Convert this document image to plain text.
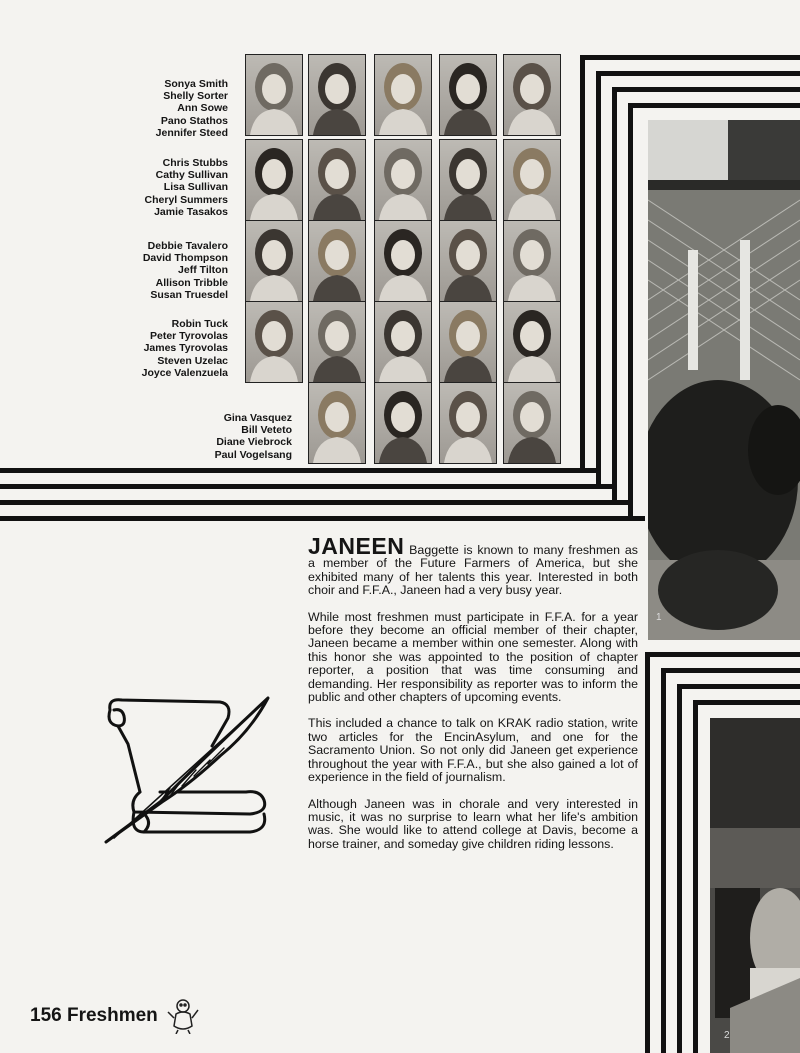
Sonya Smith
Shelly Sorter
Ann Sowe
Pano Stathos
Jennifer Steed
Chris Stubbs
Cathy Sullivan
Lisa Sullivan
Cheryl Summers
Jamie Tasakos
Debbie Tavalero
David Thompson
Jeff Tilton
Allison Tribble
Susan Truesdel
Robin Tuck
Peter Tyrovolas
James Tyrovolas
Steven Uzelac
Joyce Valenzuela
Gina Vasquez
Bill Veteto
Diane Viebrock
Paul Vogelsang
1
2

JANEEN Baggette is known to many freshmen as a member of the Future Farmers of America, but she exhibited many of her talents this year. Interested in both choir and F.F.A., Janeen had a very busy year.

While most freshmen must participate in F.F.A. for a year before they become an official member of their chapter, Janeen became a member within one semester. Along with this honor she was appointed to the position of chapter reporter, a position that was time consuming and demanding. Her responsibility as reporter was to inform the public and other chapters of upcoming events.

This included a chance to talk on KRAK radio station, write two articles for the EncinAsylum, and one for the Sacramento Union. So not only did Janeen get experience throughout the year with F.F.A., but she also gained a lot of experience in the field of journalism.

Although Janeen was in chorale and very interested in music, it was no surprise to learn what her life's ambition was. She would like to attend college at Davis, become a horse trainer, and someday give children riding lessons.

156 Freshmen
